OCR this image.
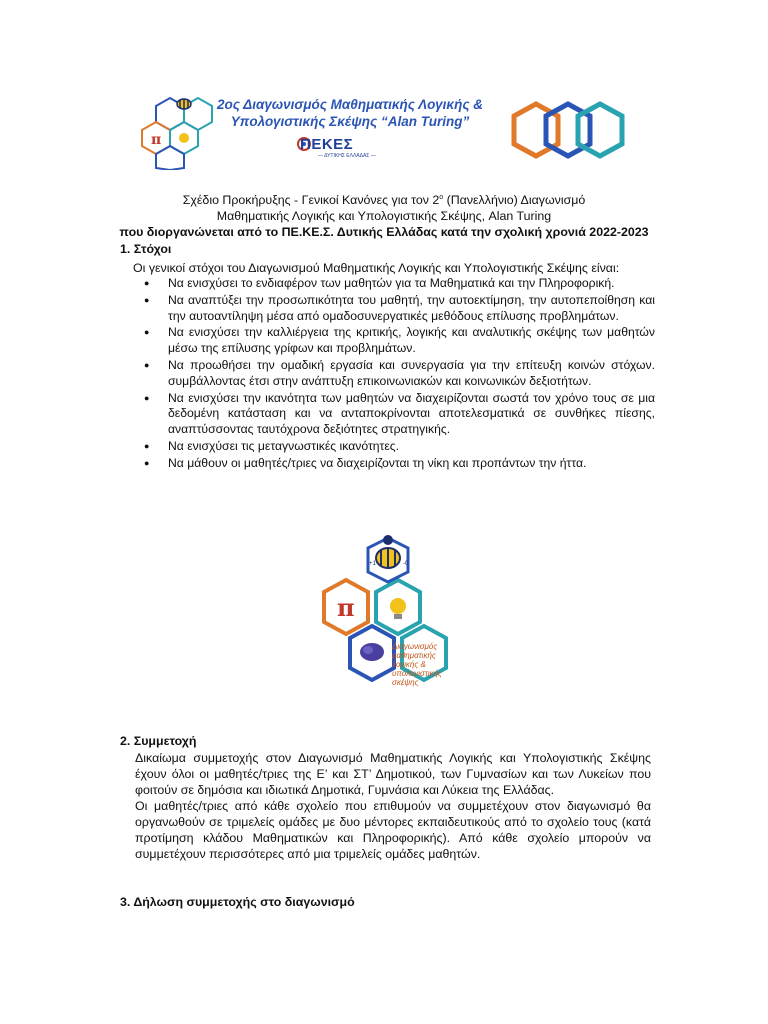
π
2ος Διαγωνισμός Μαθηματικής Λογικής &
Υπολογιστικής Σκέψης “Alan Turing”
ΠΕΚΕΣ
— ΔΥΤΙΚΗΣ ΕΛΛΑΔΑΣ —
Σχέδιο Προκήρυξης - Γενικοί Κανόνες για τον $2^o$ (Πανελλήνιο) Διαγωνισμό
Μαθηματικής Λογικής και Υπολογιστικής Σκέψης, Alan Turing
που διοργανώνεται από το ΠΕ.ΚΕ.Σ. Δυτικής Ελλάδας κατά την σχολική χρονιά 2022-2023
1. Στόχοι
Οι γενικοί στόχοι του Διαγωνισμού Μαθηματικής Λογικής και Υπολογιστικής Σκέψης είναι:
● Να ενισχύσει το ενδιαφέρον των μαθητών για τα Μαθηματικά και την Πληροφορική.
● Να αναπτύξει την προσωπικότητα του μαθητή, την αυτοεκτίμηση, την αυτοπεποίθηση και την αυτοαντίληψη μέσα από ομαδοσυνεργατικές μεθόδους επίλυσης προβλημάτων.
● Να ενισχύσει την καλλιέργεια της κριτικής, λογικής και αναλυτικής σκέψης των μαθητών μέσω της επίλυσης γρίφων και προβλημάτων.
● Να προωθήσει την ομαδική εργασία και συνεργασία για την επίτευξη κοινών στόχων. συμβάλλοντας έτσι στην ανάπτυξη επικοινωνιακών και κοινωνικών δεξιοτήτων.
● Να ενισχύσει την ικανότητα των μαθητών να διαχειρίζονται σωστά τον χρόνο τους σε μια δεδομένη κατάσταση και να ανταποκρίνονται αποτελεσματικά σε συνθήκες πίεσης, αναπτύσσοντας ταυτόχρονα δεξιότητες στρατηγικής.
● Να ενισχύσει τις μεταγνωστικές ικανότητες.
● Να μάθουν οι μαθητές/τριες να διαχειρίζονται τη νίκη και προπάντων την ήττα.
+1	-0
π
Διαγωνισμός μαθηματικής λογικής & υπολογιστικής σκέψης
2. Συμμετοχή
Δικαίωμα συμμετοχής στον Διαγωνισμό Μαθηματικής Λογικής και Υπολογιστικής Σκέψης έχουν όλοι οι μαθητές/τριες της Ε’ και ΣΤ’ Δημοτικού, των Γυμνασίων και των Λυκείων που φοιτούν σε δημόσια και ιδιωτικά Δημοτικά, Γυμνάσια και Λύκεια της Ελλάδας.
Οι μαθητές/τριες από κάθε σχολείο που επιθυμούν να συμμετέχουν στον διαγωνισμό θα οργανωθούν σε τριμελείς ομάδες με δυο μέντορες εκπαιδευτικούς από το σχολείο τους (κατά προτίμηση κλάδου Μαθηματικών και Πληροφορικής). Από κάθε σχολείο μπορούν να συμμετέχουν περισσότερες από μια τριμελείς ομάδες μαθητών.
3. Δήλωση συμμετοχής στο διαγωνισμό
